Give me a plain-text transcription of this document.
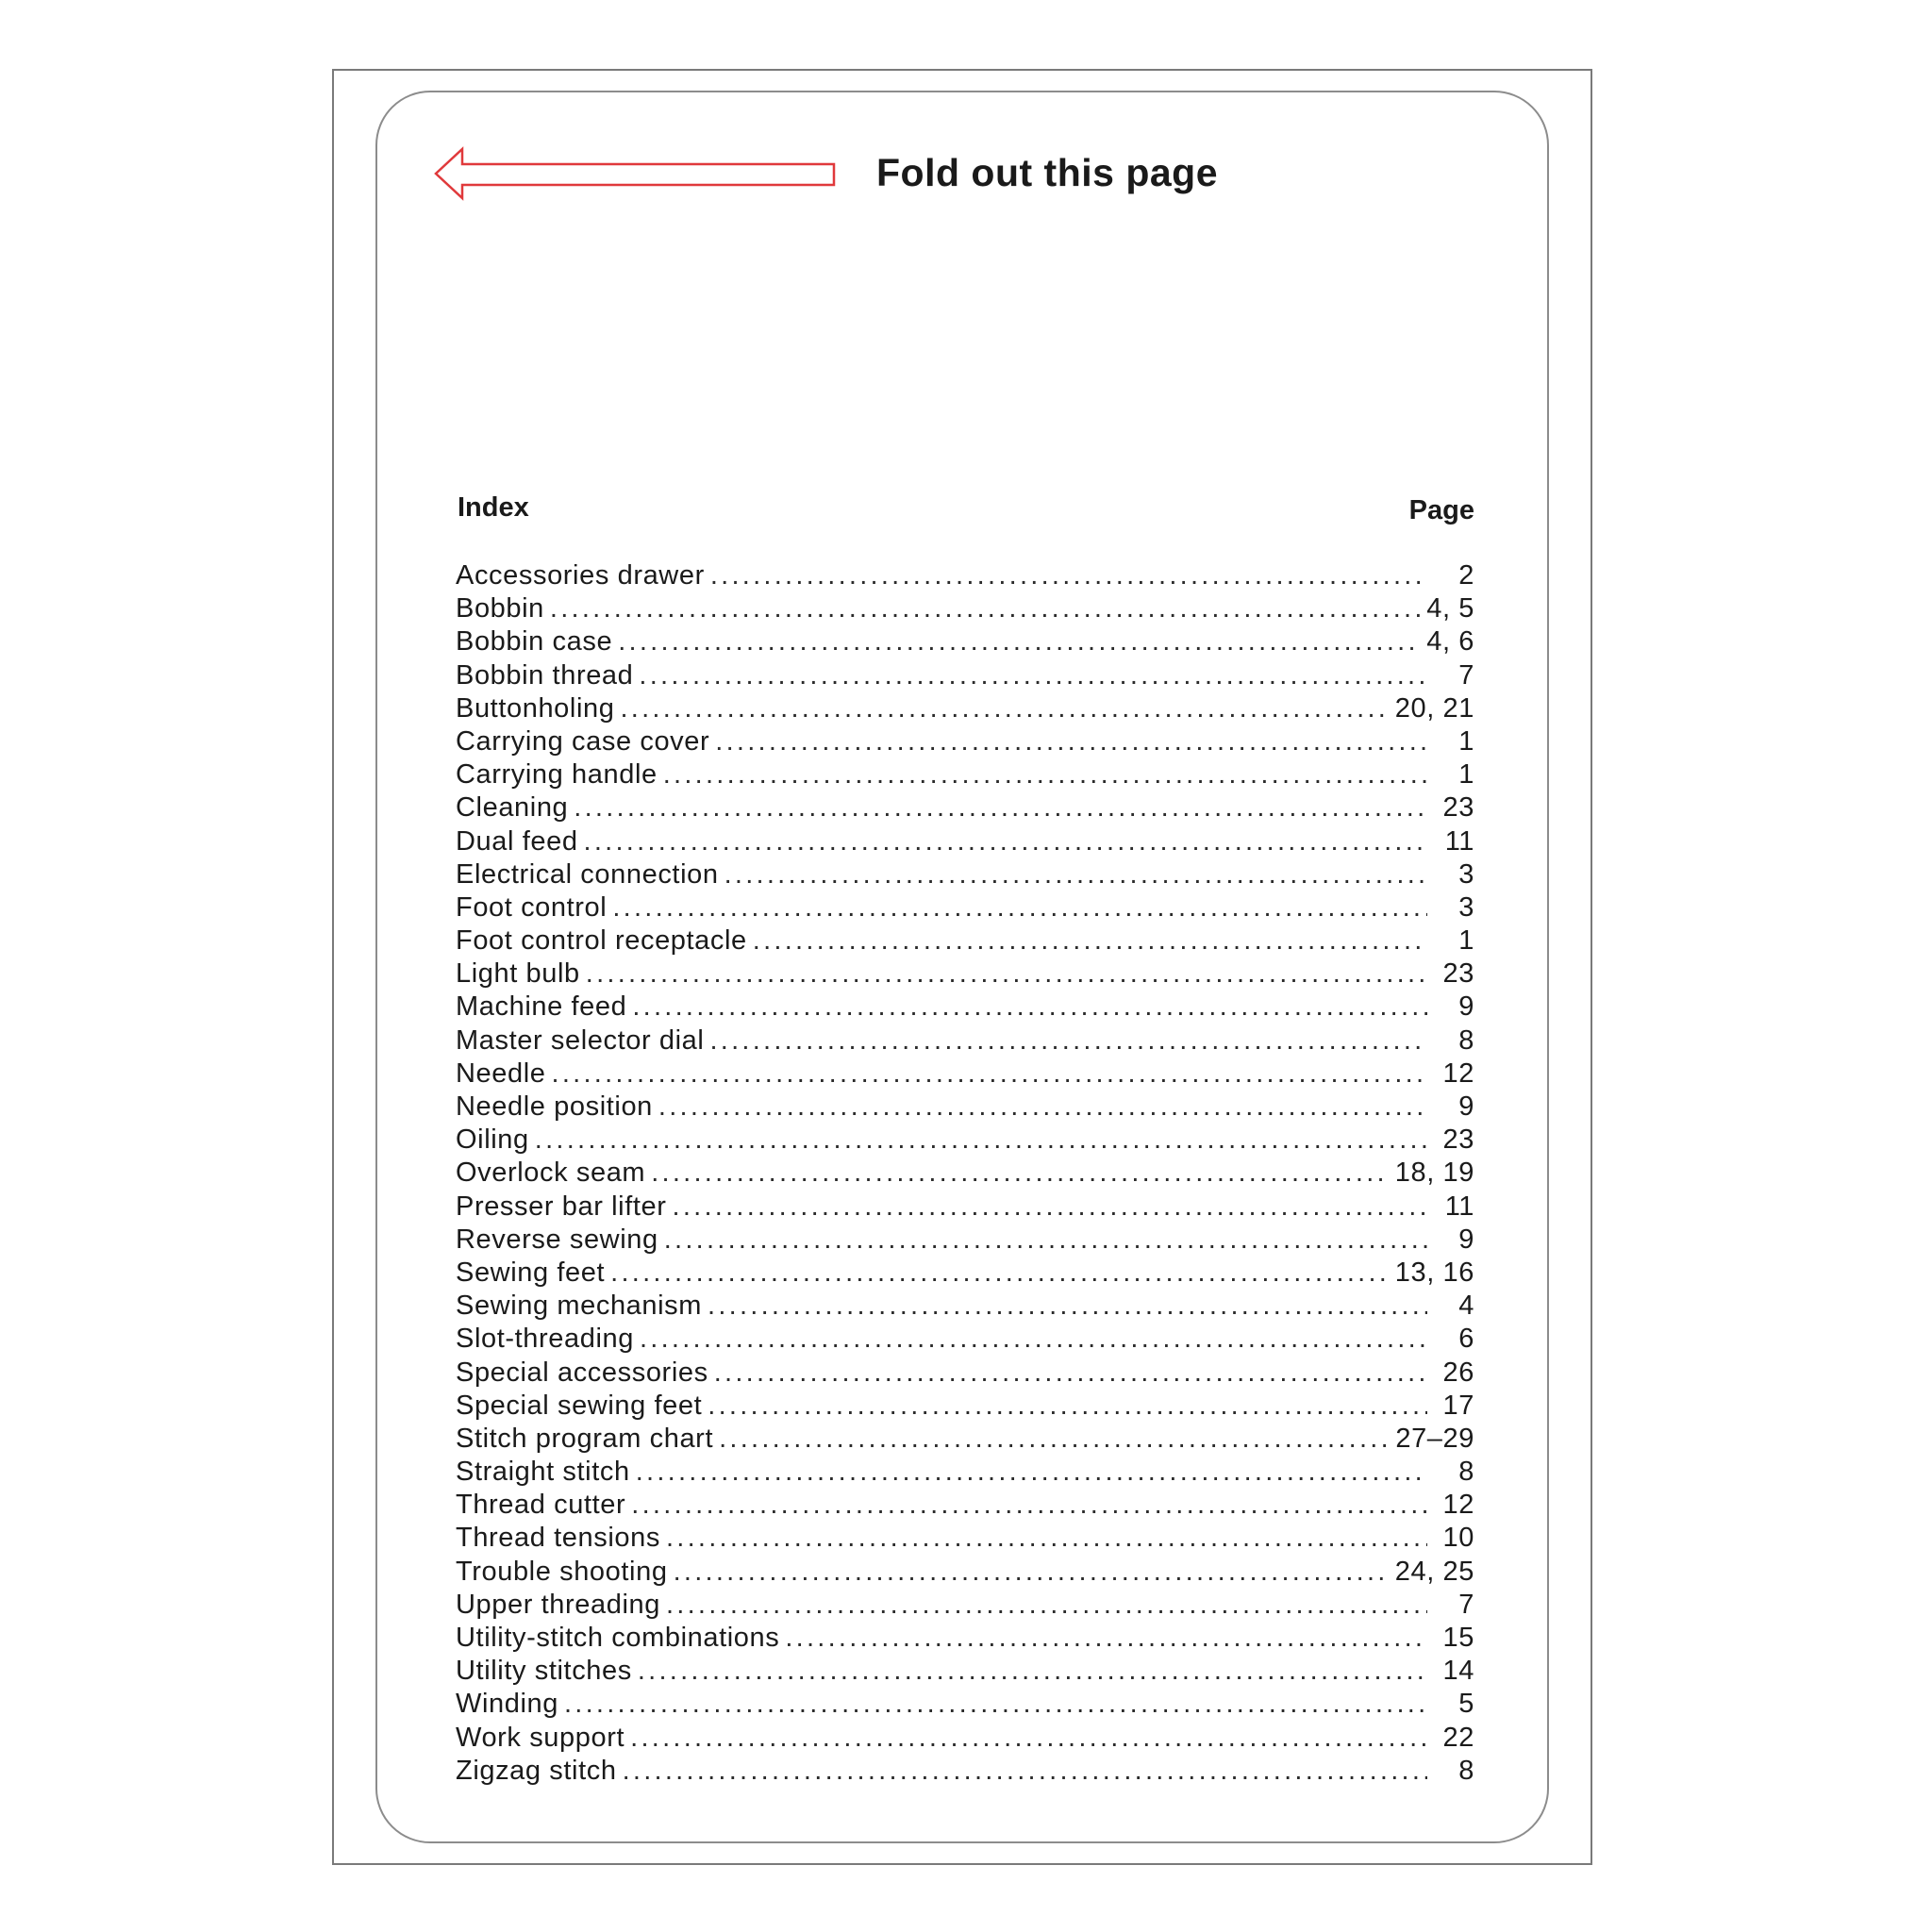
Fold out this page
Index	Page
Accessories drawer . . .	2
Bobbin . . .	4, 5
Bobbin case . . .	4, 6
Bobbin thread . . .	7
Buttonholing . . .	20, 21
Carrying case cover . . .	1
Carrying handle . . .	1
Cleaning . . .	23
Dual feed . . .	11
Electrical connection . . .	3
Foot control . . .	3
Foot control receptacle . . .	1
Light bulb . . .	23
Machine feed . . .	9
Master selector dial . . .	8
Needle . . .	12
Needle position . . .	9
Oiling . . .	23
Overlock seam . . .	18, 19
Presser bar lifter . . .	11
Reverse sewing . . .	9
Sewing feet . . .	13, 16
Sewing mechanism . . .	4
Slot-threading . . .	6
Special accessories . . .	26
Special sewing feet . . .	17
Stitch program chart . . .	27–29
Straight stitch . . .	8
Thread cutter . . .	12
Thread tensions . . .	10
Trouble shooting . . .	24, 25
Upper threading . . .	7
Utility-stitch combinations . . .	15
Utility stitches . . .	14
Winding . . .	5
Work support . . .	22
Zigzag stitch . . .	8
